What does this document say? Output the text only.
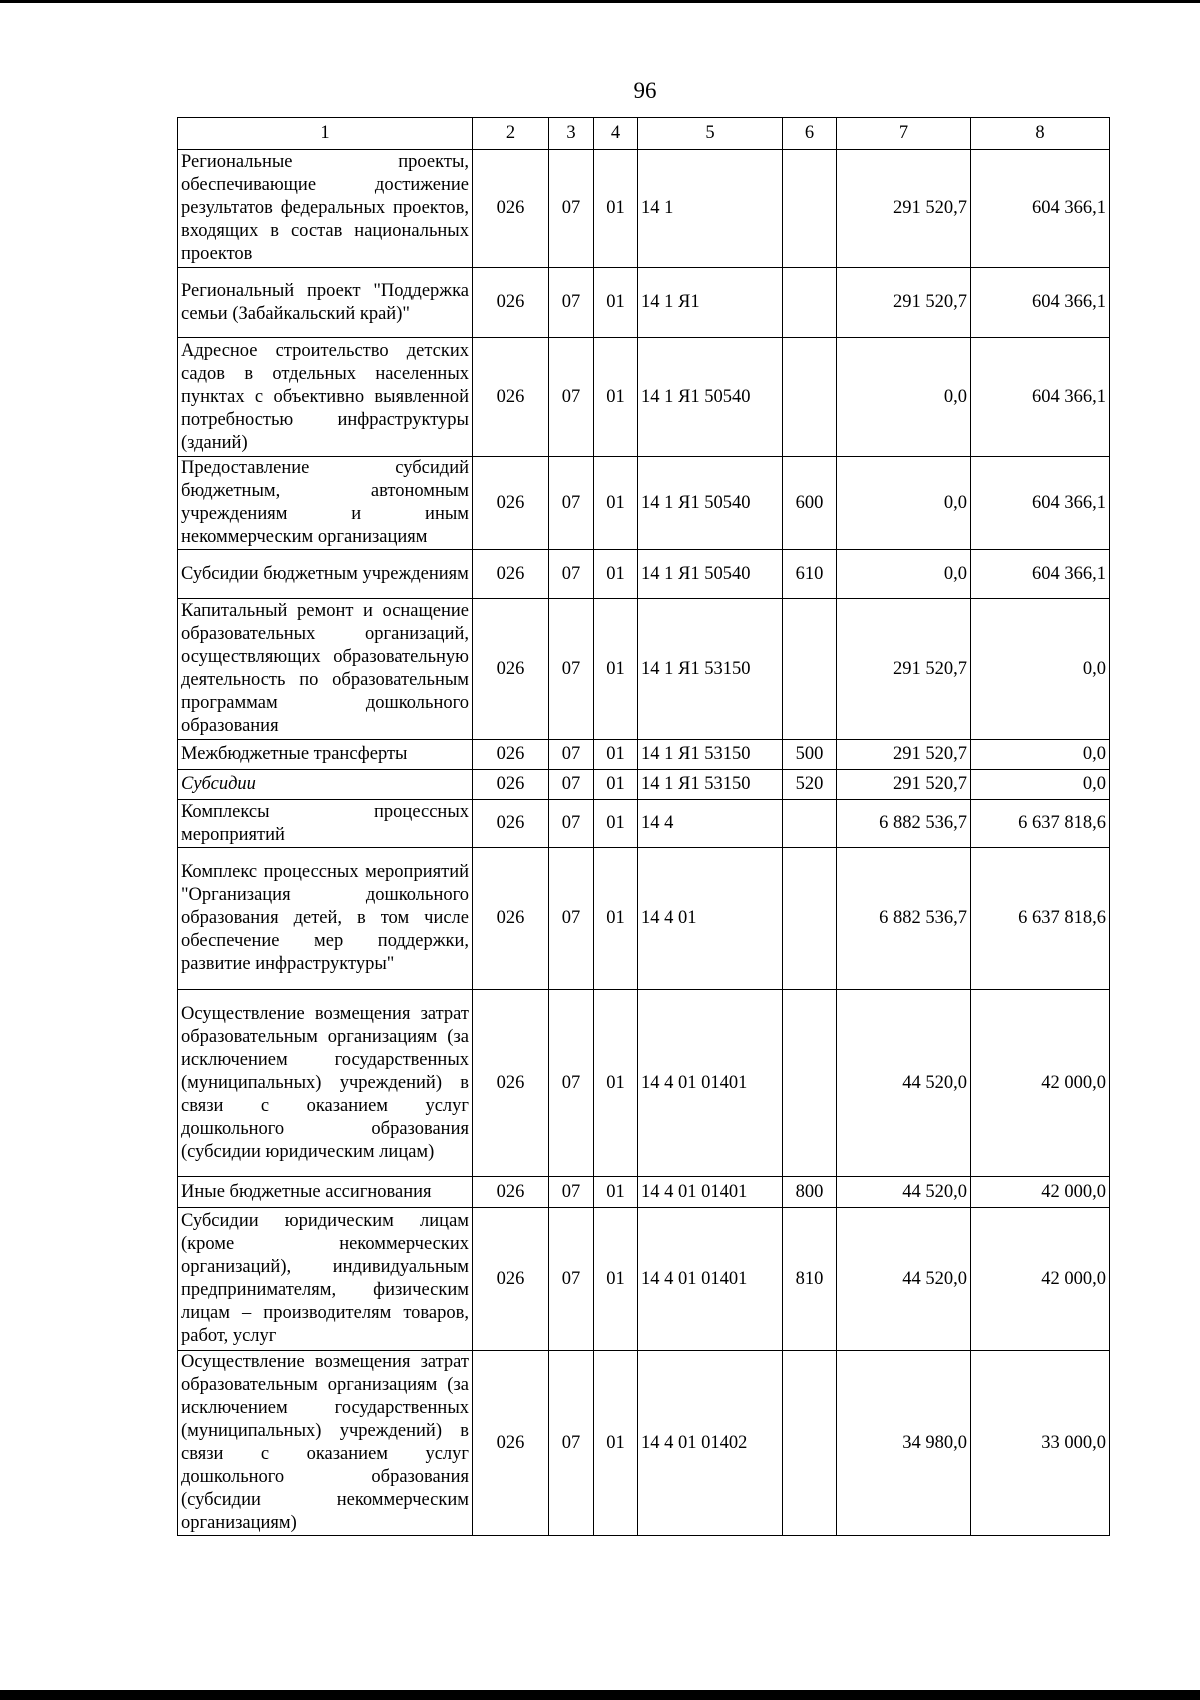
96
1	2	3	4	5	6	7	8
Региональные проекты, обеспечивающие достижение результатов федеральных проектов, входящих в состав национальных проектов	026	07	01	14 1		291 520,7	604 366,1
Региональный проект "Поддержка семьи (Забайкальский край)"	026	07	01	14 1 Я1		291 520,7	604 366,1
Адресное строительство детских садов в отдельных населенных пунктах с объективно выявленной потребностью инфраструктуры (зданий)	026	07	01	14 1 Я1 50540		0,0	604 366,1
Предоставление субсидий бюджетным, автономным учреждениям и иным некоммерческим организациям	026	07	01	14 1 Я1 50540	600	0,0	604 366,1
Субсидии бюджетным учреждениям	026	07	01	14 1 Я1 50540	610	0,0	604 366,1
Капитальный ремонт и оснащение образовательных организаций, осуществляющих образовательную деятельность по образовательным программам дошкольного образования	026	07	01	14 1 Я1 53150		291 520,7	0,0
Межбюджетные трансферты	026	07	01	14 1 Я1 53150	500	291 520,7	0,0
Субсидии	026	07	01	14 1 Я1 53150	520	291 520,7	0,0
Комплексы процессных мероприятий	026	07	01	14 4		6 882 536,7	6 637 818,6
Комплекс процессных мероприятий "Организация дошкольного образования детей, в том числе обеспечение мер поддержки, развитие инфраструктуры"	026	07	01	14 4 01		6 882 536,7	6 637 818,6
Осуществление возмещения затрат образовательным организациям (за исключением государственных (муниципальных) учреждений) в связи с оказанием услуг дошкольного образования (субсидии юридическим лицам)	026	07	01	14 4 01 01401		44 520,0	42 000,0
Иные бюджетные ассигнования	026	07	01	14 4 01 01401	800	44 520,0	42 000,0
Субсидии юридическим лицам (кроме некоммерческих организаций), индивидуальным предпринимателям, физическим лицам – производителям товаров, работ, услуг	026	07	01	14 4 01 01401	810	44 520,0	42 000,0
Осуществление возмещения затрат образовательным организациям (за исключением государственных (муниципальных) учреждений) в связи с оказанием услуг дошкольного образования (субсидии некоммерческим организациям)	026	07	01	14 4 01 01402		34 980,0	33 000,0
